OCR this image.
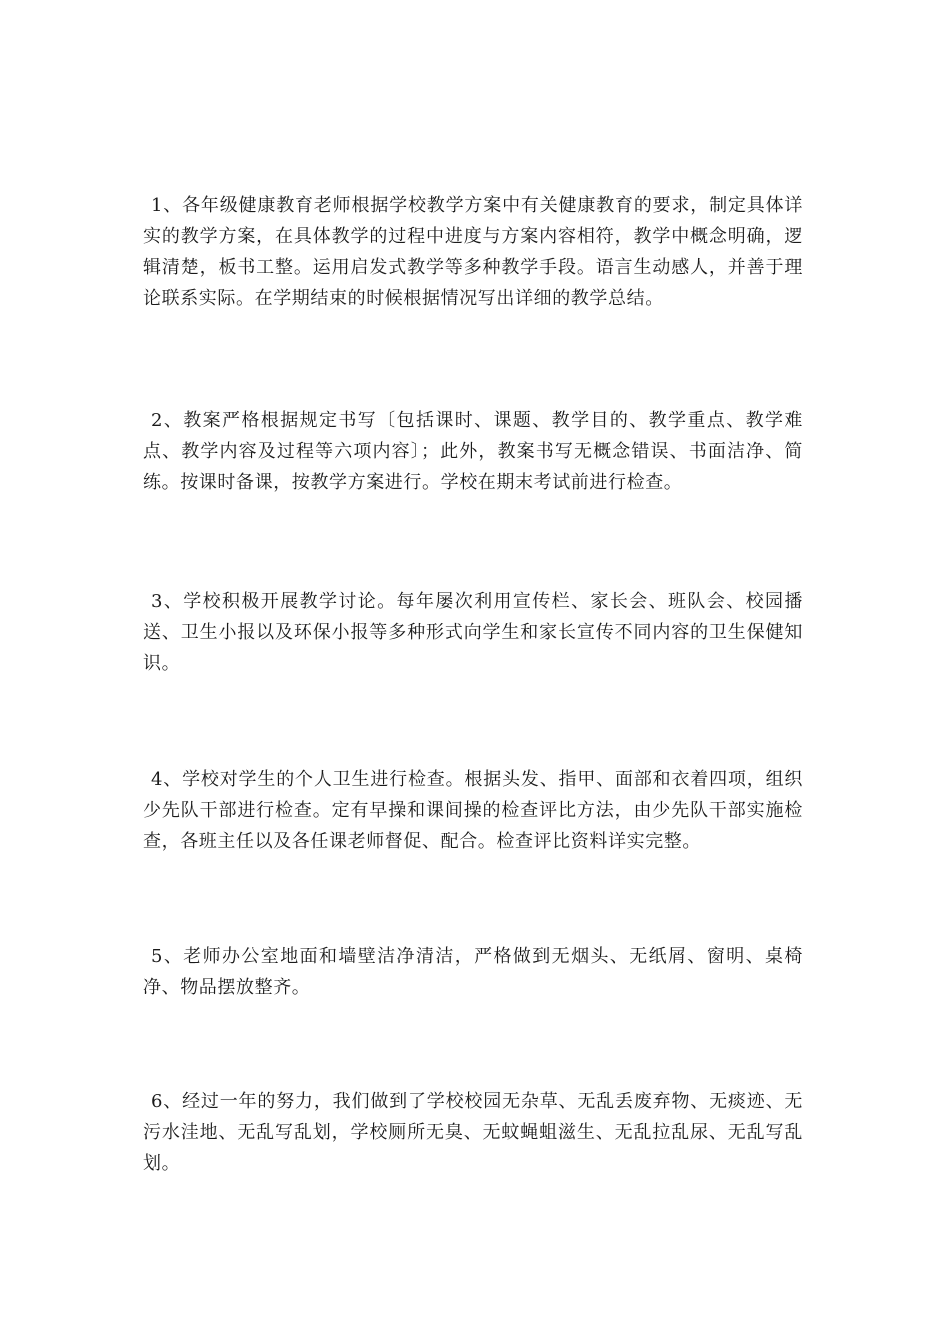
1、各年级健康教育老师根据学校教学方案中有关健康教育的要求，制定具体详实的教学方案，在具体教学的过程中进度与方案内容相符，教学中概念明确，逻辑清楚，板书工整。运用启发式教学等多种教学手段。语言生动感人，并善于理论联系实际。在学期结束的时候根据情况写出详细的教学总结。

2、教案严格根据规定书写〔包括课时、课题、教学目的、教学重点、教学难点、教学内容及过程等六项内容〕；此外，教案书写无概念错误、书面洁净、简练。按课时备课，按教学方案进行。学校在期末考试前进行检查。

3、学校积极开展教学讨论。每年屡次利用宣传栏、家长会、班队会、校园播送、卫生小报以及环保小报等多种形式向学生和家长宣传不同内容的卫生保健知识。

4、学校对学生的个人卫生进行检查。根据头发、指甲、面部和衣着四项，组织少先队干部进行检查。定有早操和课间操的检查评比方法，由少先队干部实施检查，各班主任以及各任课老师督促、配合。检查评比资料详实完整。

5、老师办公室地面和墙壁洁净清洁，严格做到无烟头、无纸屑、窗明、桌椅净、物品摆放整齐。

6、经过一年的努力，我们做到了学校校园无杂草、无乱丢废弃物、无痰迹、无污水洼地、无乱写乱划，学校厕所无臭、无蚊蝇蛆滋生、无乱拉乱尿、无乱写乱划。
